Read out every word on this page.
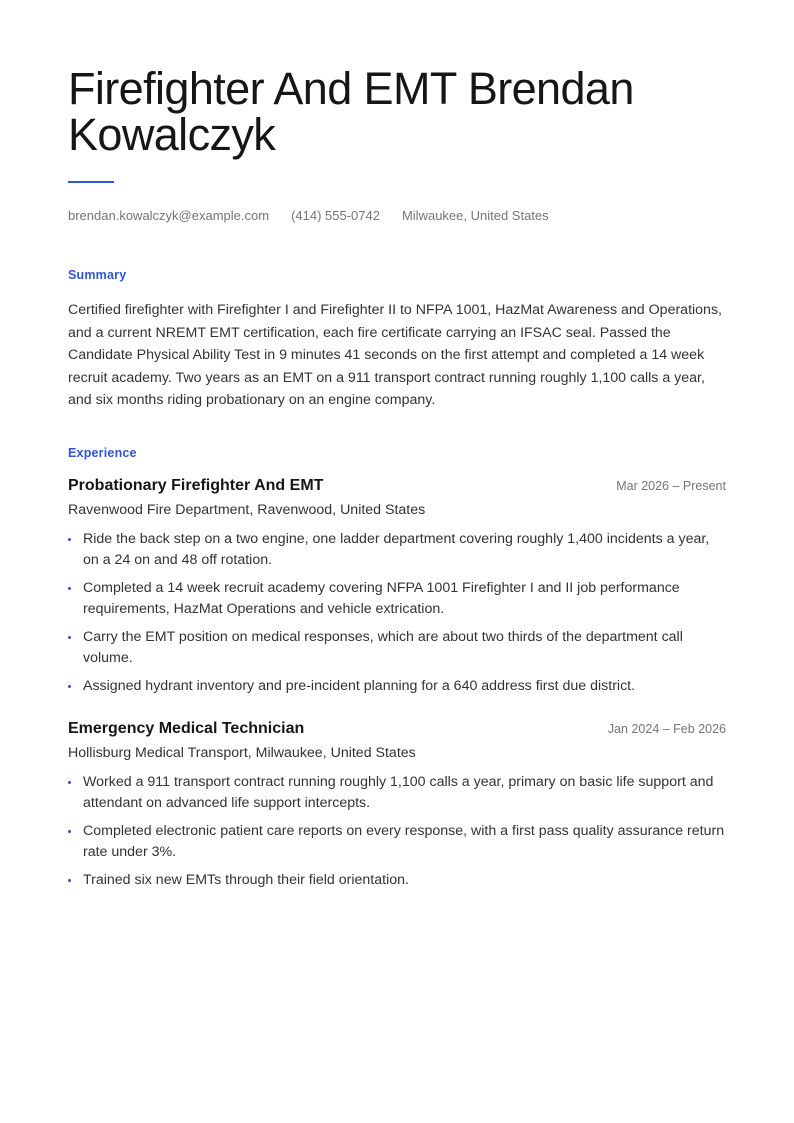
Firefighter And EMT Brendan Kowalczyk
brendan.kowalczyk@example.com (414) 555-0742 Milwaukee, United States
Summary

Certified firefighter with Firefighter I and Firefighter II to NFPA 1001, HazMat Awareness and Operations, and a current NREMT EMT certification, each fire certificate carrying an IFSAC seal. Passed the Candidate Physical Ability Test in 9 minutes 41 seconds on the first attempt and completed a 14 week recruit academy. Two years as an EMT on a 911 transport contract running roughly 1,100 calls a year, and six months riding probationary on an engine company.

Experience
Probationary Firefighter And EMT	Mar 2026 – Present
Ravenwood Fire Department, Ravenwood, United States
Ride the back step on a two engine, one ladder department covering roughly 1,400 incidents a year, on a 24 on and 48 off rotation.
Completed a 14 week recruit academy covering NFPA 1001 Firefighter I and II job performance requirements, HazMat Operations and vehicle extrication.
Carry the EMT position on medical responses, which are about two thirds of the department call volume.
Assigned hydrant inventory and pre-incident planning for a 640 address first due district.
Emergency Medical Technician	Jan 2024 – Feb 2026
Hollisburg Medical Transport, Milwaukee, United States
Worked a 911 transport contract running roughly 1,100 calls a year, primary on basic life support and attendant on advanced life support intercepts.
Completed electronic patient care reports on every response, with a first pass quality assurance return rate under 3%.
Trained six new EMTs through their field orientation.
